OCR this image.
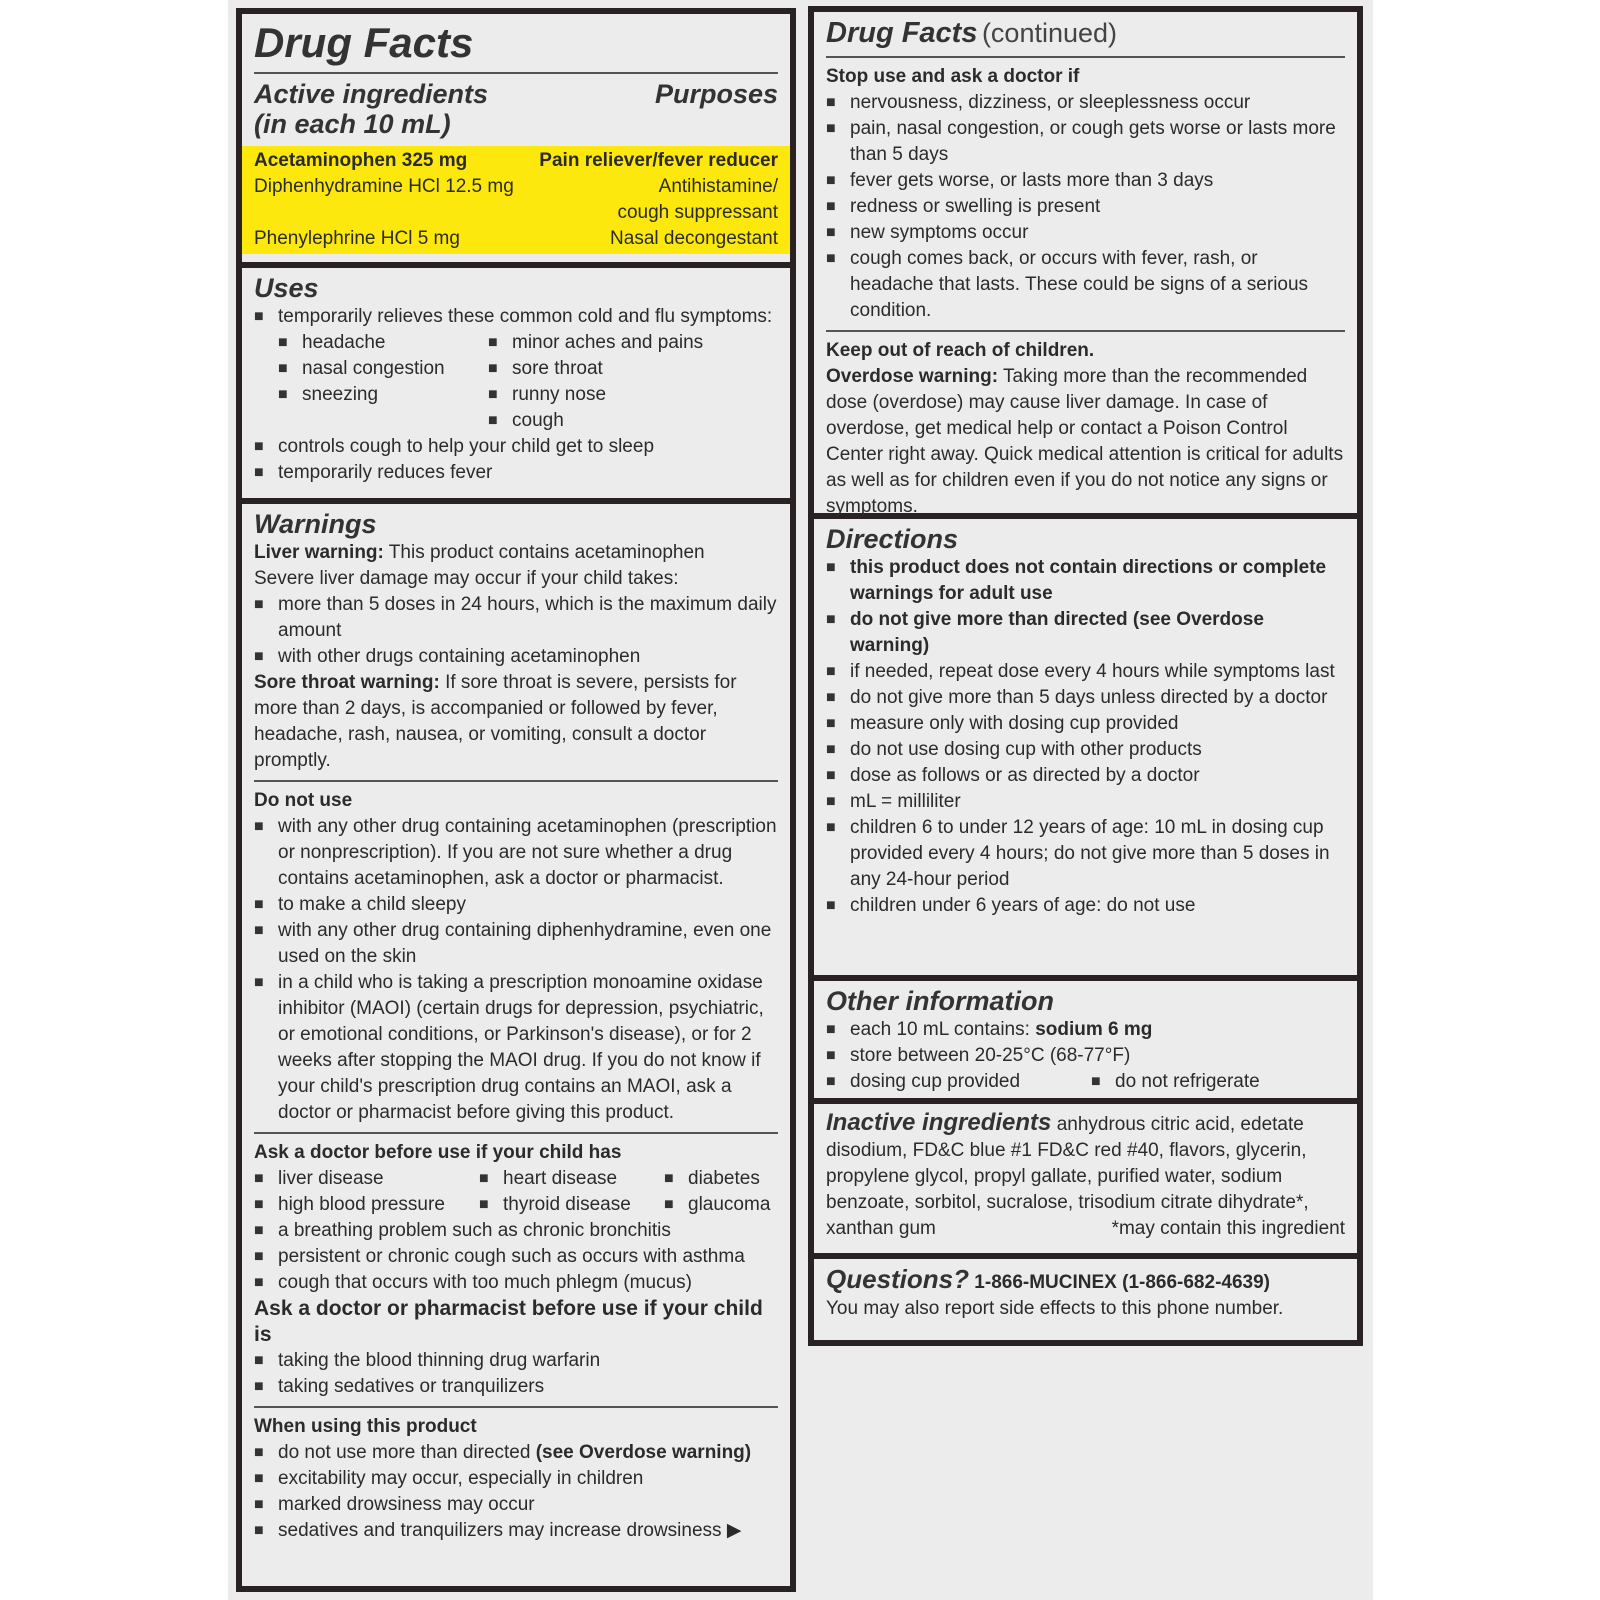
Drug Facts
Active ingredients
(in each 10 mL)
Purposes
Acetaminophen 325 mg	Pain reliever/fever reducer
Diphenhydramine HCl 12.5 mg	Antihistamine/
cough suppressant
Phenylephrine HCl 5 mg	Nasal decongestant
Uses
■ temporarily relieves these common cold and flu symptoms:
■ headache
■ nasal congestion
■ sneezing
■ minor aches and pains
■ sore throat
■ runny nose
■ cough
■ controls cough to help your child get to sleep
■ temporarily reduces fever
Warnings

Liver warning: This product contains acetaminophen

Severe liver damage may occur if your child takes:

■ more than 5 doses in 24 hours, which is the maximum daily amount
■ with other drugs containing acetaminophen

Sore throat warning: If sore throat is severe, persists for more than 2 days, is accompanied or followed by fever, headache, rash, nausea, or vomiting, consult a doctor promptly.

Do not use

■ with any other drug containing acetaminophen (prescription or nonprescription). If you are not sure whether a drug contains acetaminophen, ask a doctor or pharmacist.
■ to make a child sleepy
■ with any other drug containing diphenhydramine, even one used on the skin
■ in a child who is taking a prescription monoamine oxidase inhibitor (MAOI) (certain drugs for depression, psychiatric, or emotional conditions, or Parkinson's disease), or for 2 weeks after stopping the MAOI drug. If you do not know if your child's prescription drug contains an MAOI, ask a doctor or pharmacist before giving this product.

Ask a doctor before use if your child has

■ liver disease
■ high blood pressure
■ heart disease
■ thyroid disease
■ diabetes
■ glaucoma
■ a breathing problem such as chronic bronchitis
■ persistent or chronic cough such as occurs with asthma
■ cough that occurs with too much phlegm (mucus)

Ask a doctor or pharmacist before use if your child is

■ taking the blood thinning drug warfarin
■ taking sedatives or tranquilizers

When using this product

■ do not use more than directed (see Overdose warning)
■ excitability may occur, especially in children
■ marked drowsiness may occur
■ sedatives and tranquilizers may increase drowsiness ▶
Drug Facts (continued)

Stop use and ask a doctor if

■ nervousness, dizziness, or sleeplessness occur
■ pain, nasal congestion, or cough gets worse or lasts more than 5 days
■ fever gets worse, or lasts more than 3 days
■ redness or swelling is present
■ new symptoms occur
■ cough comes back, or occurs with fever, rash, or headache that lasts. These could be signs of a serious condition.

Keep out of reach of children.

Overdose warning: Taking more than the recommended dose (overdose) may cause liver damage. In case of overdose, get medical help or contact a Poison Control Center right away. Quick medical attention is critical for adults as well as for children even if you do not notice any signs or symptoms.

Directions
■ this product does not contain directions or complete warnings for adult use
■ do not give more than directed (see Overdose warning)
■ if needed, repeat dose every 4 hours while symptoms last
■ do not give more than 5 days unless directed by a doctor
■ measure only with dosing cup provided
■ do not use dosing cup with other products
■ dose as follows or as directed by a doctor
■ mL = milliliter
■ children 6 to under 12 years of age: 10 mL in dosing cup provided every 4 hours; do not give more than 5 doses in any 24-hour period
■ children under 6 years of age: do not use
Other information
■ each 10 mL contains: sodium 6 mg
■ store between 20-25°C (68-77°F)
■ dosing cup provided
■	do not refrigerate

Inactive ingredients anhydrous citric acid, edetate disodium, FD&C blue #1 FD&C red #40, flavors, glycerin, propylene glycol, propyl gallate, purified water, sodium benzoate, sorbitol, sucralose, trisodium citrate dihydrate*, xanthan gum	*may contain this ingredient

Questions? 1-866-MUCINEX (1-866-682-4639)

You may also report side effects to this phone number.
